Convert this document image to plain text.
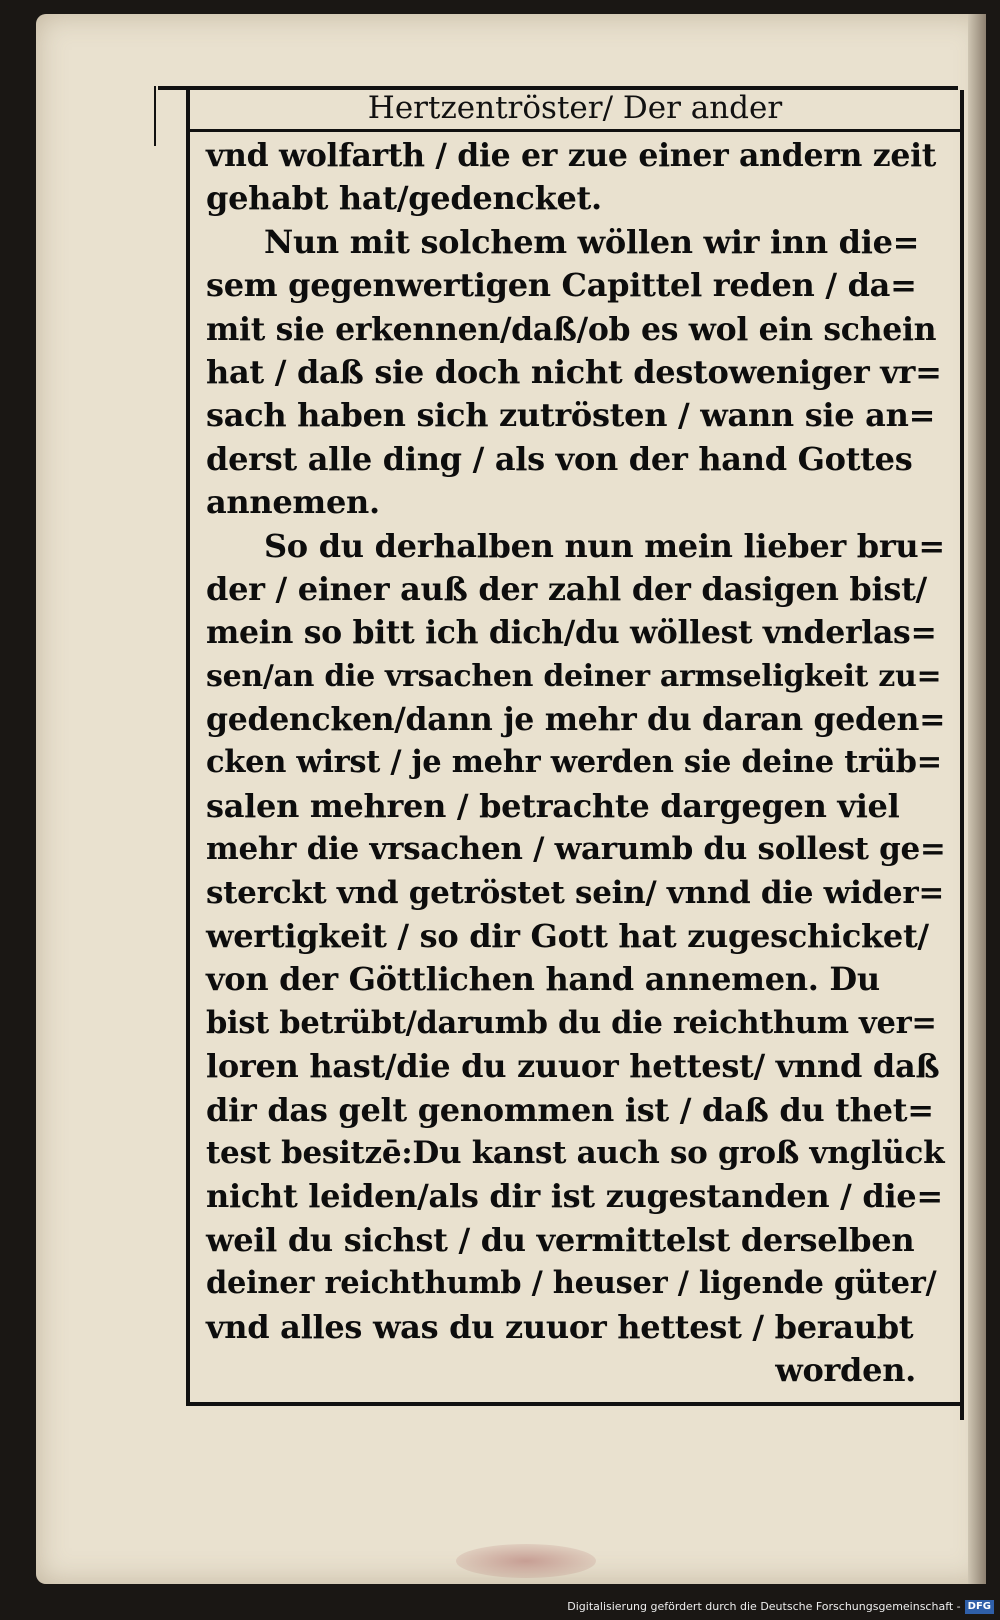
Hertzentröster/ Der ander
vnd wolfarth / die er zue einer andern zeit
gehabt hat/gedencket.
Nun mit solchem wöllen wir inn die=
sem gegenwertigen Capittel reden / da=
mit sie erkennen/daß/ob es wol ein schein
hat / daß sie doch nicht destoweniger vr=
sach haben sich zutrösten / wann sie an=
derst alle ding / als von der hand Gottes
annemen.
So du derhalben nun mein lieber bru=
der / einer auß der zahl der dasigen bist/
mein so bitt ich dich/du wöllest vnderlas=
sen/an die vrsachen deiner armseligkeit zu=
gedencken/dann je mehr du daran geden=
cken wirst / je mehr werden sie deine trüb=
salen mehren / betrachte dargegen viel
mehr die vrsachen / warumb du sollest ge=
sterckt vnd getröstet sein/ vnnd die wider=
wertigkeit / so dir Gott hat zugeschicket/
von der Göttlichen hand annemen. Du
bist betrübt/darumb du die reichthum ver=
loren hast/die du zuuor hettest/ vnnd daß
dir das gelt genommen ist / daß du thet=
test besitzē:Du kanst auch so groß vnglück
nicht leiden/als dir ist zugestanden / die=
weil du sichst / du vermittelst derselben
deiner reichthumb / heuser / ligende güter/
vnd alles was du zuuor hettest / beraubt
worden.
Digitalisierung gefördert durch die Deutsche Forschungsgemeinschaft - DFG
